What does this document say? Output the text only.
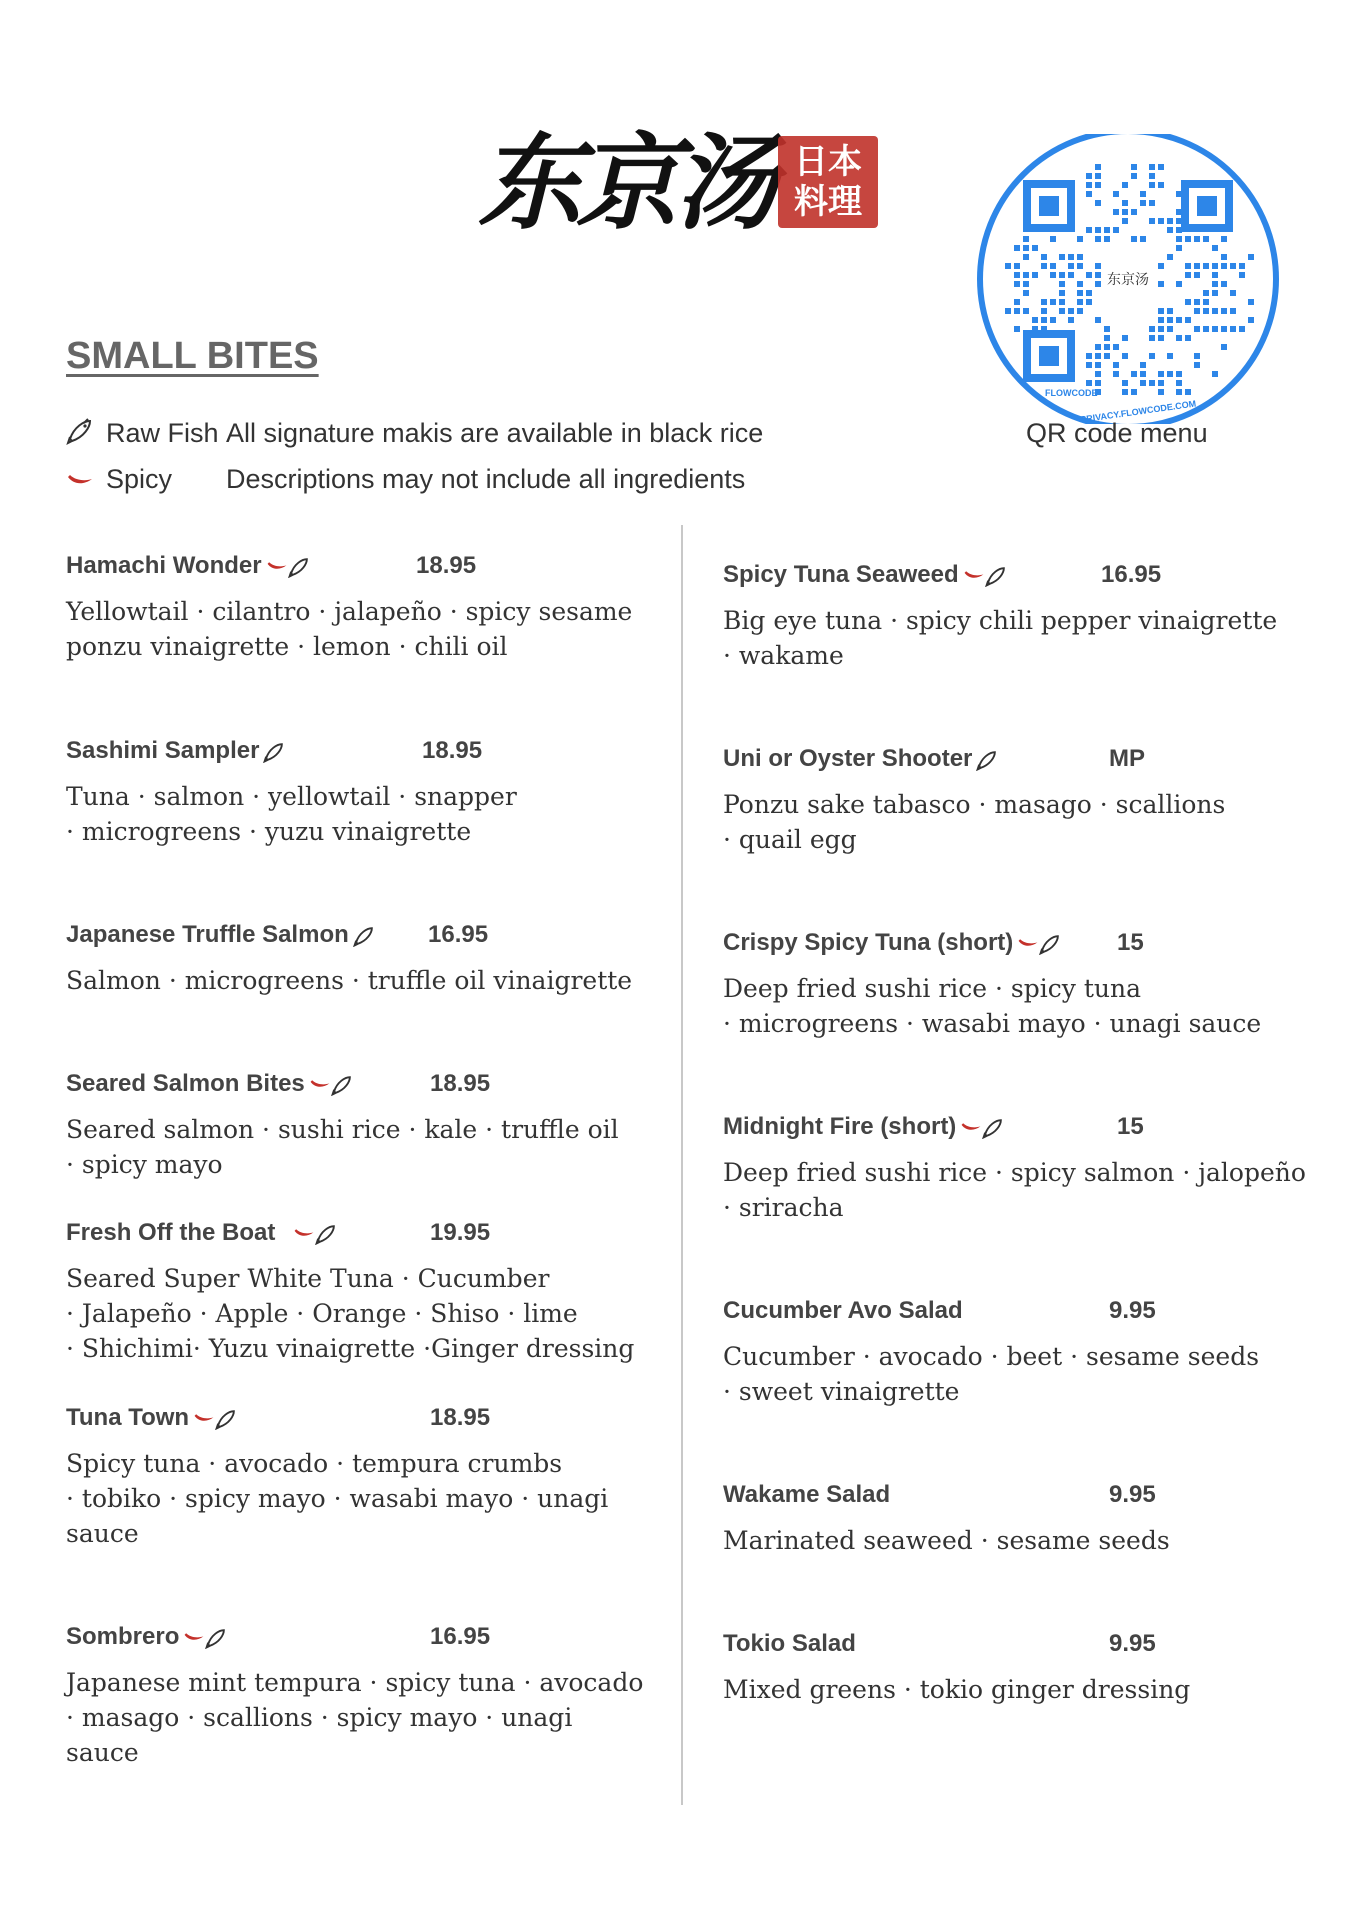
东京汤 日本料理
东京汤
FLOWCODE
PRIVACY.FLOWCODE.COM
QR code menu
SMALL BITES
Raw Fish All signature makis are available in black rice
Spicy Descriptions may not include all ingredients
Hamachi Wonder	18.95
Yellowtail · cilantro · jalapeño · spicy sesame
ponzu vinaigrette · lemon · chili oil
Sashimi Sampler	18.95
Tuna · salmon · yellowtail · snapper
· microgreens · yuzu vinaigrette
Japanese Truffle Salmon	16.95
Salmon · microgreens · truffle oil vinaigrette
Seared Salmon Bites	18.95
Seared salmon · sushi rice · kale · truffle oil
· spicy mayo
Fresh Off the Boat	19.95
Seared Super White Tuna · Cucumber
· Jalapeño · Apple · Orange · Shiso · lime
· Shichimi· Yuzu vinaigrette ·Ginger dressing
Tuna Town	18.95
Spicy tuna · avocado · tempura crumbs
· tobiko · spicy mayo · wasabi mayo · unagi
sauce
Sombrero	16.95
Japanese mint tempura · spicy tuna · avocado
· masago · scallions · spicy mayo · unagi
sauce
Spicy Tuna Seaweed	16.95
Big eye tuna · spicy chili pepper vinaigrette
· wakame
Uni or Oyster Shooter	MP
Ponzu sake tabasco · masago · scallions
· quail egg
Crispy Spicy Tuna (short)	15
Deep fried sushi rice · spicy tuna
· microgreens · wasabi mayo · unagi sauce
Midnight Fire (short)	15
Deep fried sushi rice · spicy salmon · jalopeño
· sriracha
Cucumber Avo Salad	9.95
Cucumber · avocado · beet · sesame seeds
· sweet vinaigrette
Wakame Salad	9.95
Marinated seaweed · sesame seeds
Tokio Salad	9.95
Mixed greens · tokio ginger dressing
